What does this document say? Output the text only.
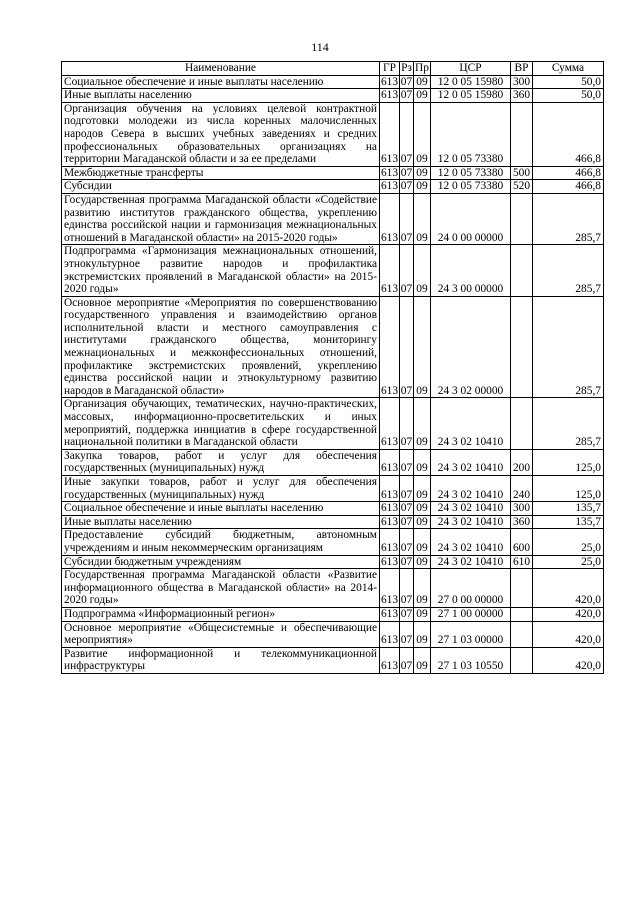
114
Наименование	ГР	Рз	Пр	ЦСР	ВР	Сумма
Социальное обеспечение и иные выплаты населению	613	07	09	12 0 05 15980	300	50,0
Иные выплаты населению	613	07	09	12 0 05 15980	360	50,0
Организация обучения на условиях целевой контрактной подготовки молодежи из числа коренных малочисленных народов Севера в высших учебных заведениях и средних профессиональных образовательных организациях на территории Магаданской области и за ее пределами	613	07	09	12 0 05 73380		466,8
Межбюджетные трансферты	613	07	09	12 0 05 73380	500	466,8
Субсидии	613	07	09	12 0 05 73380	520	466,8
Государственная программа Магаданской области «Содействие развитию институтов гражданского общества, укреплению единства российской нации и гармонизация межнациональных отношений в Магаданской области» на 2015-2020 годы»	613	07	09	24 0 00 00000		285,7
Подпрограмма «Гармонизация межнациональных отношений, этнокультурное развитие народов и профилактика экстремистских проявлений в Магаданской области» на 2015-2020 годы»	613	07	09	24 3 00 00000		285,7
Основное мероприятие «Мероприятия по совершенствованию государственного управления и взаимодействию органов исполнительной власти и местного самоуправления с институтами гражданского общества, мониторингу межнациональных и межконфессиональных отношений, профилактике экстремистских проявлений, укреплению единства российской нации и этнокультурному развитию народов в Магаданской области»	613	07	09	24 3 02 00000		285,7
Организация обучающих, тематических, научно-практических, массовых, информационно-просветительских и иных мероприятий, поддержка инициатив в сфере государственной национальной политики в Магаданской области	613	07	09	24 3 02 10410		285,7
Закупка товаров, работ и услуг для обеспечения государственных (муниципальных) нужд	613	07	09	24 3 02 10410	200	125,0
Иные закупки товаров, работ и услуг для обеспечения государственных (муниципальных) нужд	613	07	09	24 3 02 10410	240	125,0
Социальное обеспечение и иные выплаты населению	613	07	09	24 3 02 10410	300	135,7
Иные выплаты населению	613	07	09	24 3 02 10410	360	135,7
Предоставление субсидий бюджетным, автономным учреждениям и иным некоммерческим организациям	613	07	09	24 3 02 10410	600	25,0
Субсидии бюджетным учреждениям	613	07	09	24 3 02 10410	610	25,0
Государственная программа Магаданской области «Развитие информационного общества в Магаданской области» на 2014-2020 годы»	613	07	09	27 0 00 00000		420,0
Подпрограмма «Информационный регион»	613	07	09	27 1 00 00000		420,0
Основное мероприятие «Общесистемные и обеспечивающие мероприятия»	613	07	09	27 1 03 00000		420,0
Развитие информационной и телекоммуникационной инфраструктуры	613	07	09	27 1 03 10550		420,0
